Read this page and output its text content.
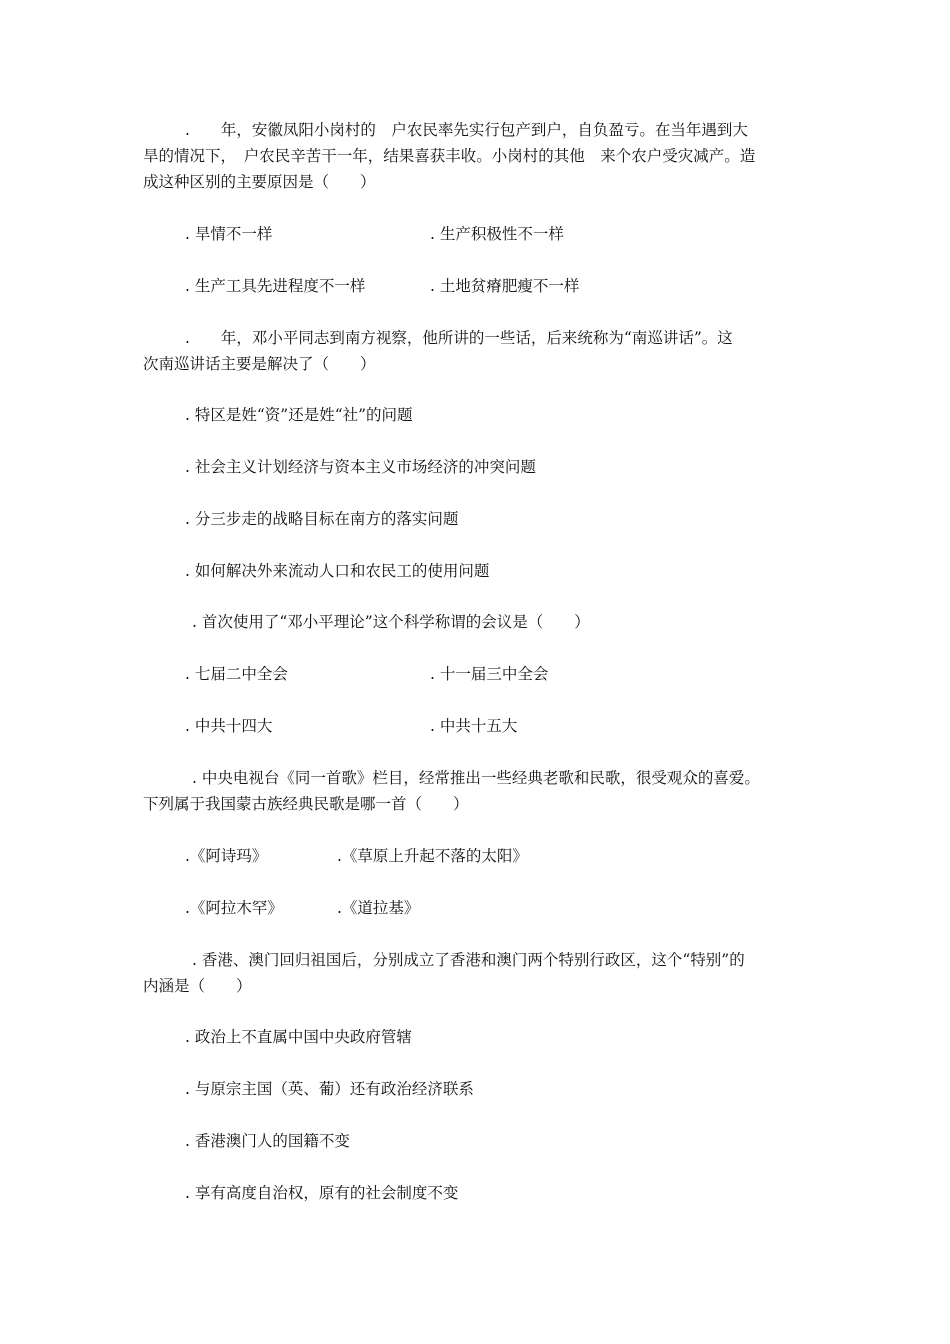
.　　年，安徽凤阳小岗村的　户农民率先实行包产到户，自负盈亏。在当年遇到大
旱的情况下，　户农民辛苦干一年，结果喜获丰收。小岗村的其他　来个农户受灾减产。造
成这种区别的主要原因是（　　）
. 旱情不一样	. 生产积极性不一样
. 生产工具先进程度不一样	. 土地贫瘠肥瘦不一样
.　　年，邓小平同志到南方视察，他所讲的一些话，后来统称为“南巡讲话”。这
次南巡讲话主要是解决了（　　）
. 特区是姓“资”还是姓“社”的问题
. 社会主义计划经济与资本主义市场经济的冲突问题
. 分三步走的战略目标在南方的落实问题
. 如何解决外来流动人口和农民工的使用问题
. 首次使用了“邓小平理论”这个科学称谓的会议是（　　）
. 七届二中全会	. 十一届三中全会
. 中共十四大	. 中共十五大
. 中央电视台《同一首歌》栏目，经常推出一些经典老歌和民歌，很受观众的喜爱。
下列属于我国蒙古族经典民歌是哪一首（　　）
.《阿诗玛》	.《草原上升起不落的太阳》
.《阿拉木罕》	.《道拉基》
. 香港、澳门回归祖国后，分别成立了香港和澳门两个特别行政区，这个“特别”的
内涵是（　　）
. 政治上不直属中国中央政府管辖
. 与原宗主国（英、葡）还有政治经济联系
. 香港澳门人的国籍不变
. 享有高度自治权，原有的社会制度不变
